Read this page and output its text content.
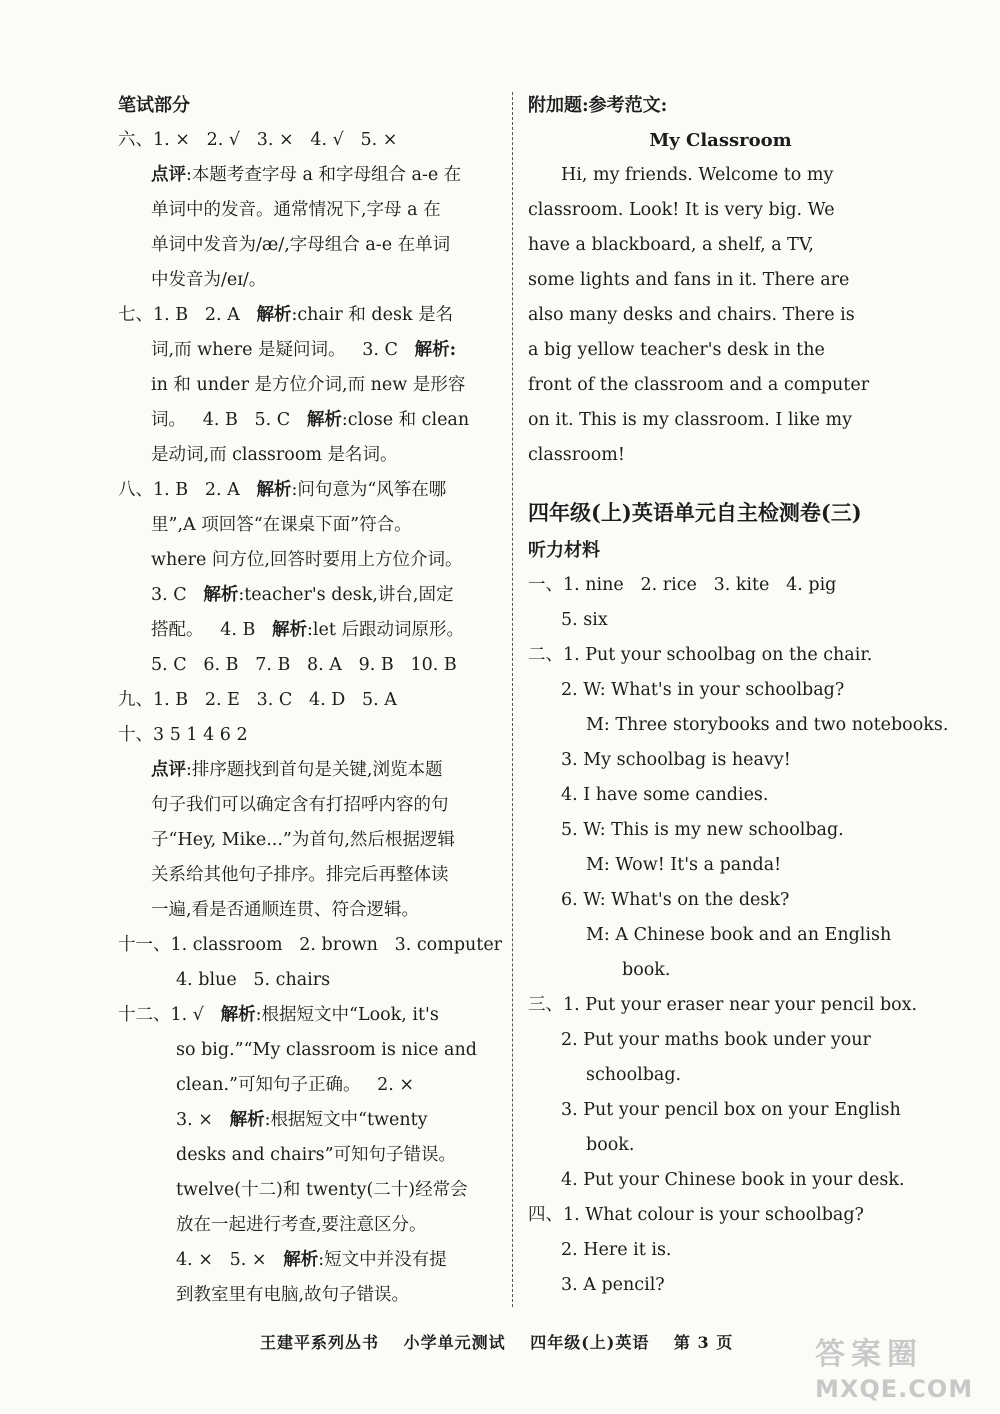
笔试部分
六、1. × 2. √ 3. × 4. √ 5. ×
点评:本题考查字母 a 和字母组合 a-e 在
单词中的发音。通常情况下,字母 a 在
单词中发音为/æ/,字母组合 a-e 在单词
中发音为/eɪ/。
七、1. B 2. A 解析:chair 和 desk 是名
词,而 where 是疑问词。 3. C 解析:
in 和 under 是方位介词,而 new 是形容
词。 4. B 5. C 解析:close 和 clean
是动词,而 classroom 是名词。
八、1. B 2. A 解析:问句意为“风筝在哪
里”,A 项回答“在课桌下面”符合。
where 问方位,回答时要用上方位介词。
3. C 解析:teacher's desk,讲台,固定
搭配。 4. B 解析:let 后跟动词原形。
5. C 6. B 7. B 8. A 9. B 10. B
九、1. B 2. E 3. C 4. D 5. A
十、3 5 1 4 6 2
点评:排序题找到首句是关键,浏览本题
句子我们可以确定含有打招呼内容的句
子“Hey, Mike...”为首句,然后根据逻辑
关系给其他句子排序。排完后再整体读
一遍,看是否通顺连贯、符合逻辑。
十一、1. classroom 2. brown 3. computer
4. blue 5. chairs
十二、1. √ 解析:根据短文中“Look, it's
so big.”“My classroom is nice and
clean.”可知句子正确。 2. ×
3. × 解析:根据短文中“twenty
desks and chairs”可知句子错误。
twelve(十二)和 twenty(二十)经常会
放在一起进行考查,要注意区分。
4. × 5. × 解析:短文中并没有提
到教室里有电脑,故句子错误。
附加题:参考范文:
My Classroom
Hi, my friends. Welcome to my
classroom. Look! It is very big. We
have a blackboard, a shelf, a TV,
some lights and fans in it. There are
also many desks and chairs. There is
a big yellow teacher's desk in the
front of the classroom and a computer
on it. This is my classroom. I like my
classroom!
四年级(上)英语单元自主检测卷(三)
听力材料
一、1. nine 2. rice 3. kite 4. pig
5. six
二、1. Put your schoolbag on the chair.
2. W: What's in your schoolbag?
M: Three storybooks and two notebooks.
3. My schoolbag is heavy!
4. I have some candies.
5. W: This is my new schoolbag.
M: Wow! It's a panda!
6. W: What's on the desk?
M: A Chinese book and an English
book.
三、1. Put your eraser near your pencil box.
2. Put your maths book under your
schoolbag.
3. Put your pencil box on your English
book.
4. Put your Chinese book in your desk.
四、1. What colour is your schoolbag?
2. Here it is.
3. A pencil?
王建平系列丛书 小学单元测试 四年级(上)英语 第 3 页	答案圈
MXQE.COM
